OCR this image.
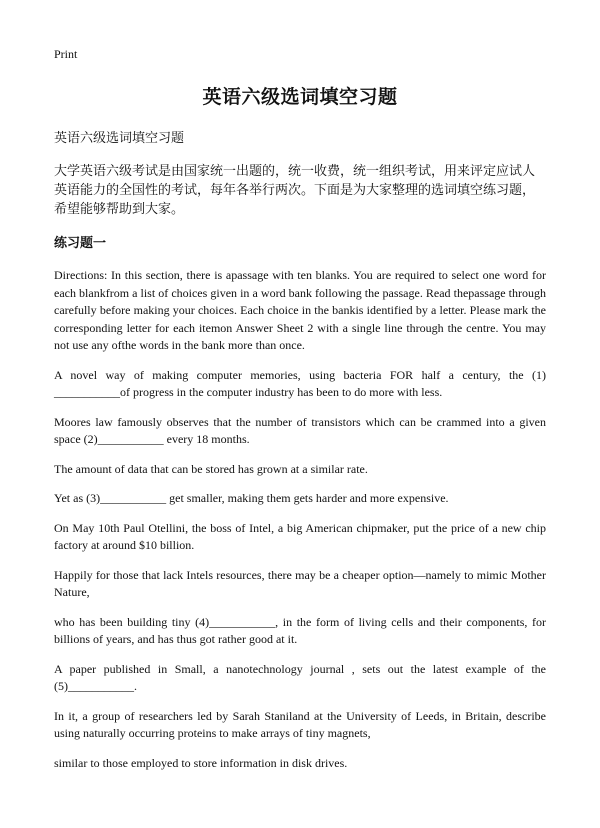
Print

英语六级选词填空习题

英语六级选词填空习题

大学英语六级考试是由国家统一出题的，统一收费，统一组织考试，用来评定应试人英语能力的全国性的考试，每年各举行两次。下面是为大家整理的选词填空练习题，希望能够帮助到大家。

练习题一

Directions: In this section, there is apassage with ten blanks. You are required to select one word for each blankfrom a list of choices given in a word bank following the passage. Read thepassage through carefully before making your choices. Each choice in the bankis identified by a letter. Please mark the corresponding letter for each itemon Answer Sheet 2 with a single line through the centre. You may not use any ofthe words in the bank more than once.

A novel way of making computer memories, using bacteria FOR half a century, the (1) ___________of progress in the computer industry has been to do more with less.

Moores law famously observes that the number of transistors which can be crammed into a given space (2)___________ every 18 months.

The amount of data that can be stored has grown at a similar rate.

Yet as (3)___________ get smaller, making them gets harder and more expensive.

On May 10th Paul Otellini, the boss of Intel, a big American chipmaker, put the price of a new chip factory at around $10 billion.

Happily for those that lack Intels resources, there may be a cheaper option—namely to mimic Mother Nature,

who has been building tiny (4)___________, in the form of living cells and their components, for billions of years, and has thus got rather good at it.

A paper published in Small, a nanotechnology journal , sets out the latest example of the (5)___________.

In it, a group of researchers led by Sarah Staniland at the University of Leeds, in Britain, describe using naturally occurring proteins to make arrays of tiny magnets,

similar to those employed to store information in disk drives.
